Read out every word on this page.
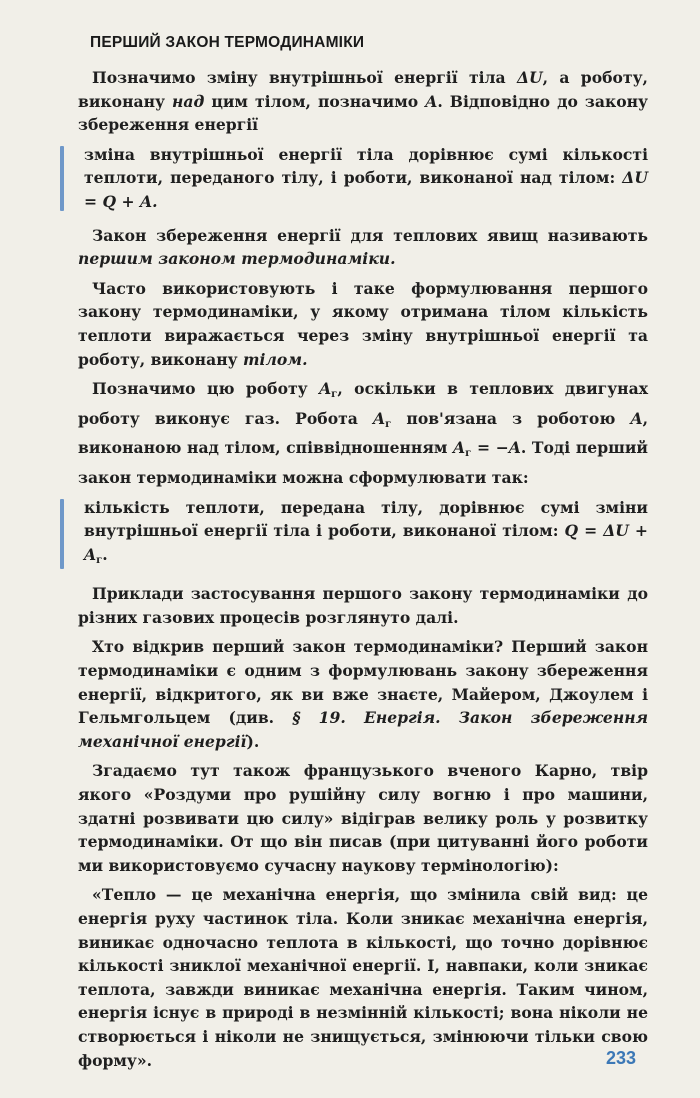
ПЕРШИЙ ЗАКОН ТЕРМОДИНАМІКИ

Позначимо зміну внутрішньої енергії тіла ΔU, а роботу, виконану над цим тілом, позначимо A. Відповідно до закону збереження енергії

зміна внутрішньої енергії тіла дорівнює сумі кількості теплоти, переданого тілу, і роботи, виконаної над тілом: ΔU = Q + A.

Закон збереження енергії для теплових явищ називають першим законом термодинаміки.

Часто використовують і таке формулювання першого закону термодинаміки, у якому отримана тілом кількість теплоти виражається через зміну внутрішньої енергії та роботу, виконану тілом.

Позначимо цю роботу $A_г$, оскільки в теплових двигунах роботу виконує газ. Робота $A_г$ пов'язана з роботою A, виконаною над тілом, співвідношенням $A_г = -A$. Тоді перший закон термодинаміки можна сформулювати так:

кількість теплоти, передана тілу, дорівнює сумі зміни внутрішньої енергії тіла і роботи, виконаної тілом: $Q = \Delta U + A_г$.

Приклади застосування першого закону термодинаміки до різних газових процесів розглянуто далі.

Хто відкрив перший закон термодинаміки? Перший закон термодинаміки є одним з формулювань закону збереження енергії, відкритого, як ви вже знаєте, Майером, Джоулем і Гельмгольцем (див. § 19. Енергія. Закон збереження механічної енергії).

Згадаємо тут також французького вченого Карно, твір якого «Роздуми про рушійну силу вогню і про машини, здатні розвивати цю силу» відіграв велику роль у розвитку термодинаміки. От що він писав (при цитуванні його роботи ми використовуємо сучасну наукову термінологію):

«Тепло — це механічна енергія, що змінила свій вид: це енергія руху частинок тіла. Коли зникає механічна енергія, виникає одночасно теплота в кількості, що точно дорівнює кількості зниклої механічної енергії. І, навпаки, коли зникає теплота, завжди виникає механічна енергія. Таким чином, енергія існує в природі в незмінній кількості; вона ніколи не створюється і ніколи не знищується, змінюючи тільки свою форму».	233
